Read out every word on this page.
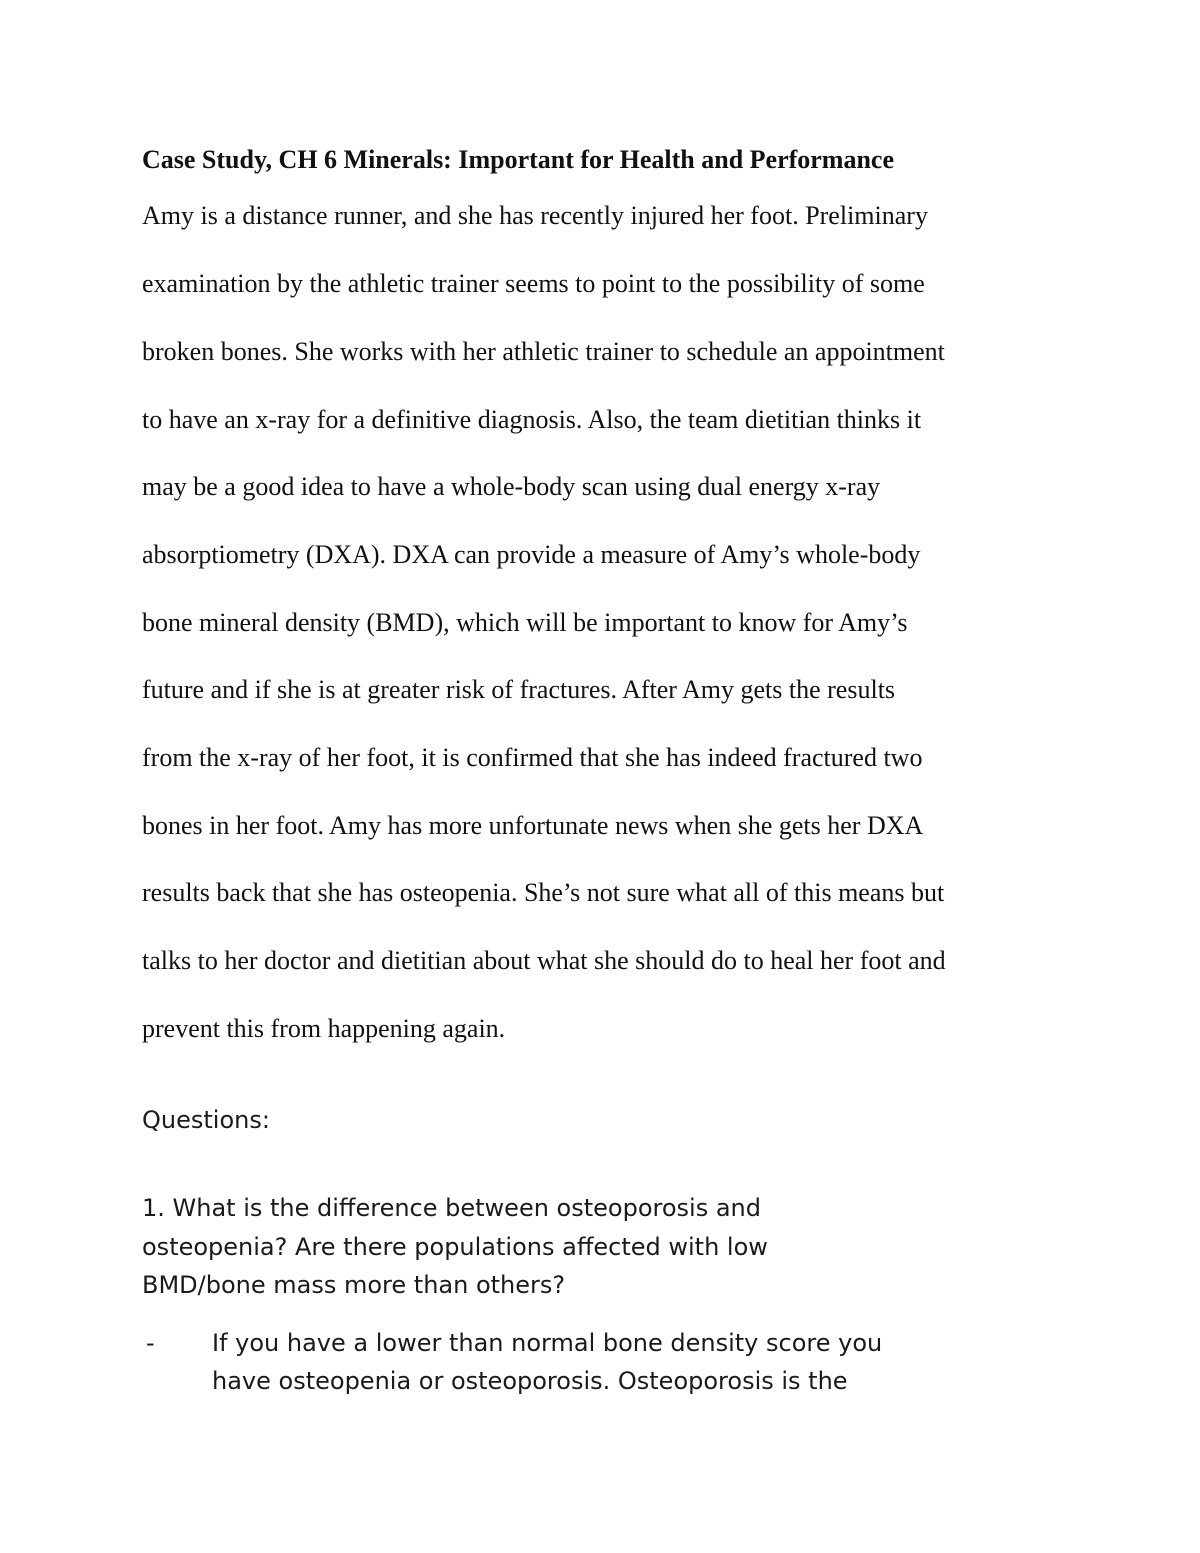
Case Study, CH 6 Minerals: Important for Health and Performance
Amy is a distance runner, and she has recently injured her foot. Preliminary
examination by the athletic trainer seems to point to the possibility of some
broken bones. She works with her athletic trainer to schedule an appointment
to have an x-ray for a definitive diagnosis. Also, the team dietitian thinks it
may be a good idea to have a whole-body scan using dual energy x-ray
absorptiometry (DXA). DXA can provide a measure of Amy’s whole-body
bone mineral density (BMD), which will be important to know for Amy’s
future and if she is at greater risk of fractures. After Amy gets the results
from the x-ray of her foot, it is confirmed that she has indeed fractured two
bones in her foot. Amy has more unfortunate news when she gets her DXA
results back that she has osteopenia. She’s not sure what all of this means but
talks to her doctor and dietitian about what she should do to heal her foot and
prevent this from happening again.
Questions:
1. What is the difference between osteoporosis and
osteopenia? Are there populations affected with low
BMD/bone mass more than others?
- If you have a lower than normal bone density score you
have osteopenia or osteoporosis. Osteoporosis is the
